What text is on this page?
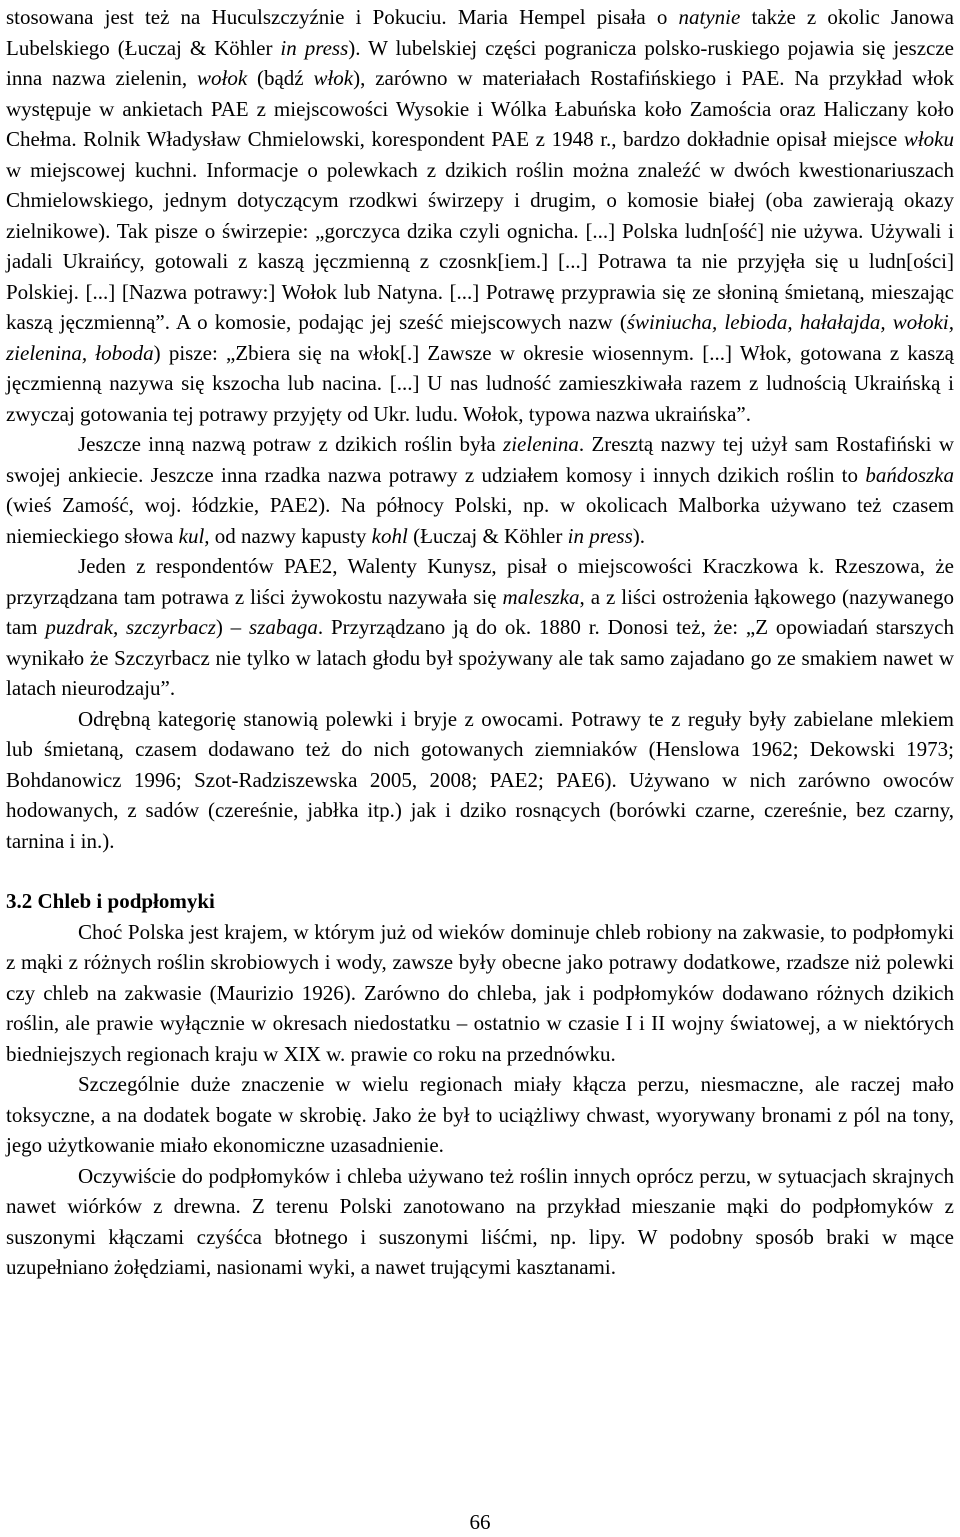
stosowana jest też na Huculszczyźnie i Pokuciu. Maria Hempel pisała o natynie także z okolic Janowa Lubelskiego (Łuczaj & Köhler in press). W lubelskiej części pogranicza polsko-ruskiego pojawia się jeszcze inna nazwa zielenin, wołok (bądź włok), zarówno w materiałach Rostafińskiego i PAE. Na przykład włok występuje w ankietach PAE z miejscowości Wysokie i Wólka Łabuńska koło Zamościa oraz Haliczany koło Chełma. Rolnik Władysław Chmielowski, korespondent PAE z 1948 r., bardzo dokładnie opisał miejsce włoku w miejscowej kuchni. Informacje o polewkach z dzikich roślin można znaleźć w dwóch kwestionariuszach Chmielowskiego, jednym dotyczącym rzodkwi świrzepy i drugim, o komosie białej (oba zawierają okazy zielnikowe). Tak pisze o świrzepie: „gorczyca dzika czyli ognicha. [...] Polska ludn[ość] nie używa. Używali i jadali Ukraińcy, gotowali z kaszą jęczmienną z czosnk[iem.] [...] Potrawa ta nie przyjęła się u ludn[ości] Polskiej. [...] [Nazwa potrawy:] Wołok lub Natyna. [...] Potrawę przyprawia się ze słoniną śmietaną, mieszając kaszą jęczmienną”. A o komosie, podając jej sześć miejscowych nazw (świniucha, lebioda, hałałajda, wołoki, zielenina, łoboda) pisze: „Zbiera się na włok[.] Zawsze w okresie wiosennym. [...] Włok, gotowana z kaszą jęczmienną nazywa się kszocha lub nacina. [...] U nas ludność zamieszkiwała razem z ludnością Ukraińską i zwyczaj gotowania tej potrawy przyjęty od Ukr. ludu. Wołok, typowa nazwa ukraińska”.

Jeszcze inną nazwą potraw z dzikich roślin była zielenina. Zresztą nazwy tej użył sam Rostafiński w swojej ankiecie. Jeszcze inna rzadka nazwa potrawy z udziałem komosy i innych dzikich roślin to bańdoszka (wieś Zamość, woj. łódzkie, PAE2). Na północy Polski, np. w okolicach Malborka używano też czasem niemieckiego słowa kul, od nazwy kapusty kohl (Łuczaj & Köhler in press).

Jeden z respondentów PAE2, Walenty Kunysz, pisał o miejscowości Kraczkowa k. Rzeszowa, że przyrządzana tam potrawa z liści żywokostu nazywała się maleszka, a z liści ostrożenia łąkowego (nazywanego tam puzdrak, szczyrbacz) – szabaga. Przyrządzano ją do ok. 1880 r. Donosi też, że: „Z opowiadań starszych wynikało że Szczyrbacz nie tylko w latach głodu był spożywany ale tak samo zajadano go ze smakiem nawet w latach nieurodzaju”.

Odrębną kategorię stanowią polewki i bryje z owocami. Potrawy te z reguły były zabielane mlekiem lub śmietaną, czasem dodawano też do nich gotowanych ziemniaków (Henslowa 1962; Dekowski 1973; Bohdanowicz 1996; Szot-Radziszewska 2005, 2008; PAE2; PAE6). Używano w nich zarówno owoców hodowanych, z sadów (czereśnie, jabłka itp.) jak i dziko rosnących (borówki czarne, czereśnie, bez czarny, tarnina i in.).

3.2 Chleb i podpłomyki

Choć Polska jest krajem, w którym już od wieków dominuje chleb robiony na zakwasie, to podpłomyki z mąki z różnych roślin skrobiowych i wody, zawsze były obecne jako potrawy dodatkowe, rzadsze niż polewki czy chleb na zakwasie (Maurizio 1926). Zarówno do chleba, jak i podpłomyków dodawano różnych dzikich roślin, ale prawie wyłącznie w okresach niedostatku – ostatnio w czasie I i II wojny światowej, a w niektórych biedniejszych regionach kraju w XIX w. prawie co roku na przednówku.

Szczególnie duże znaczenie w wielu regionach miały kłącza perzu, niesmaczne, ale raczej mało toksyczne, a na dodatek bogate w skrobię. Jako że był to uciążliwy chwast, wyorywany bronami z pól na tony, jego użytkowanie miało ekonomiczne uzasadnienie.

Oczywiście do podpłomyków i chleba używano też roślin innych oprócz perzu, w sytuacjach skrajnych nawet wiórków z drewna. Z terenu Polski zanotowano na przykład mieszanie mąki do podpłomyków z suszonymi kłączami czyśćca błotnego i suszonymi liśćmi, np. lipy. W podobny sposób braki w mące uzupełniano żołędziami, nasionami wyki, a nawet trującymi kasztanami.

66
